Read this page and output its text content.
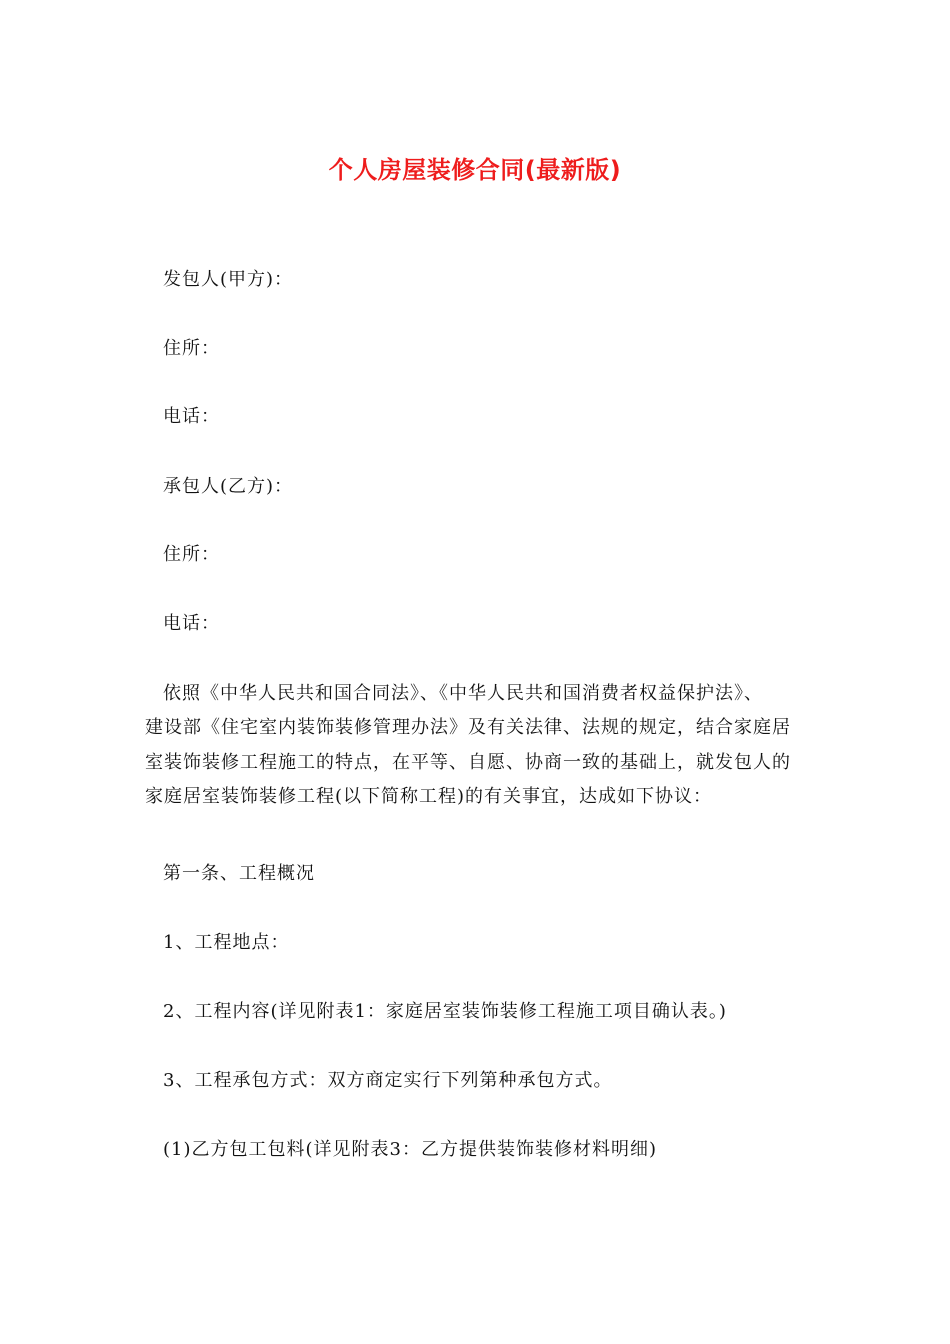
个人房屋装修合同(最新版)
发包人(甲方)：
住所：
电话：
承包人(乙方)：
住所：
电话：
依照《中华人民共和国合同法》、《中华人民共和国消费者权益保护法》、
建设部《住宅室内装饰装修管理办法》及有关法律、法规的规定，结合家庭居
室装饰装修工程施工的特点，在平等、自愿、协商一致的基础上，就发包人的
家庭居室装饰装修工程(以下简称工程)的有关事宜，达成如下协议：
第一条、工程概况
1、工程地点：
2、工程内容(详见附表1：家庭居室装饰装修工程施工项目确认表。)
3、工程承包方式：双方商定实行下列第种承包方式。
(1)乙方包工包料(详见附表3：乙方提供装饰装修材料明细)
